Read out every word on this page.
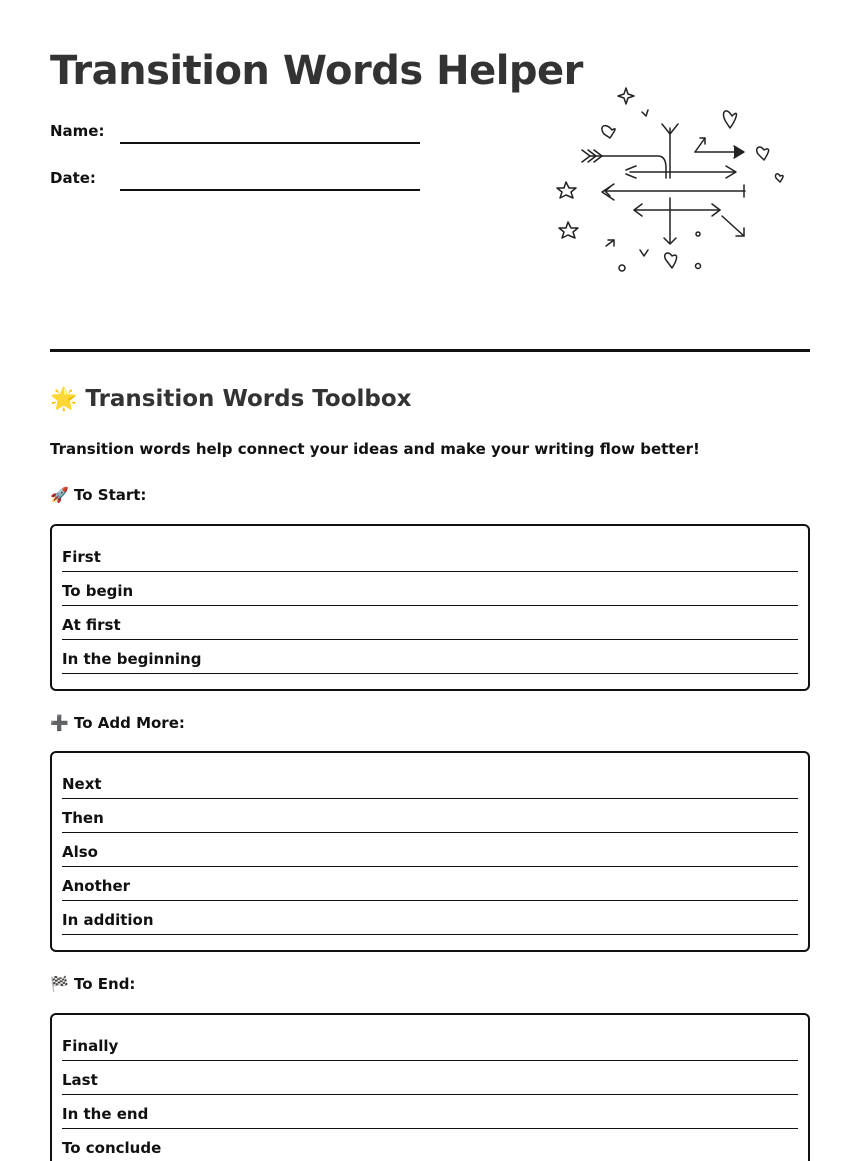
Transition Words Helper
Name:
Date:
🌟 Transition Words Toolbox
Transition words help connect your ideas and make your writing flow better!
🚀 To Start:
First
To begin
At first
In the beginning
➕ To Add More:
Next
Then
Also
Another
In addition
🏁 To End:
Finally
Last
In the end
To conclude
